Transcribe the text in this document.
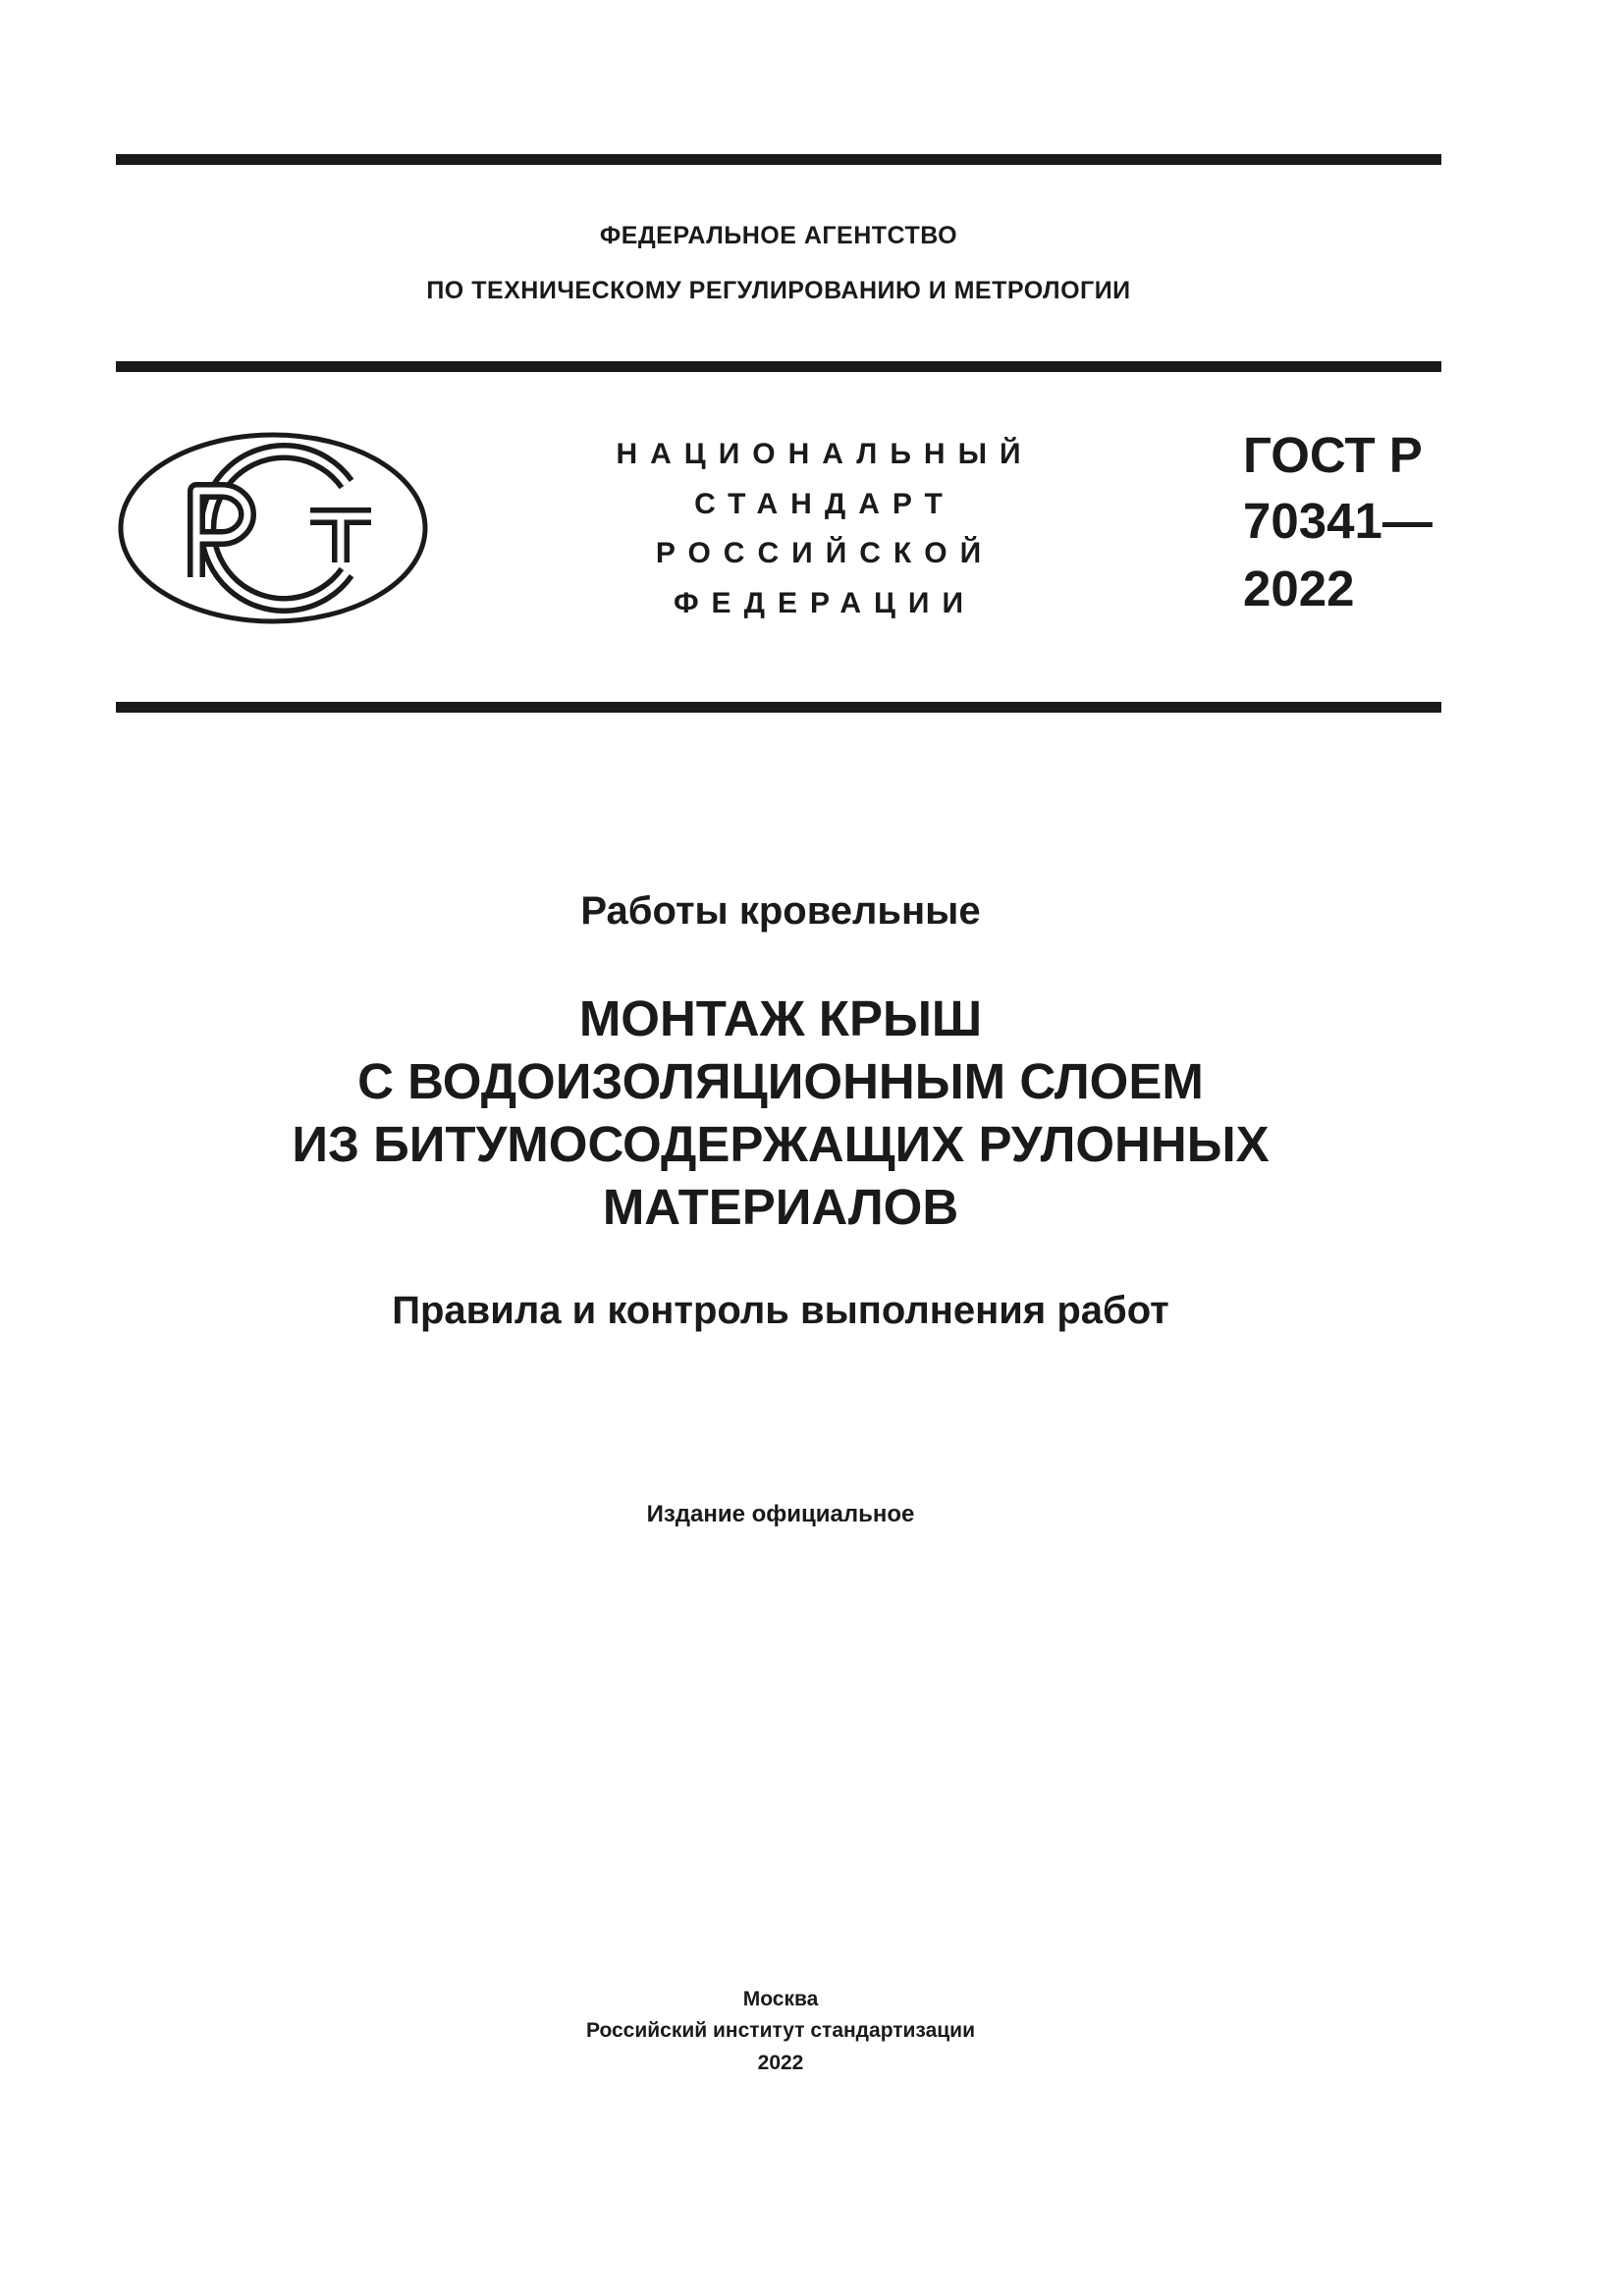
ФЕДЕРАЛЬНОЕ АГЕНТСТВО
ПО ТЕХНИЧЕСКОМУ РЕГУЛИРОВАНИЮ И МЕТРОЛОГИИ
НАЦИОНАЛЬНЫЙ
СТАНДАРТ
РОССИЙСКОЙ
ФЕДЕРАЦИИ
ГОСТ Р
70341—
2022
Работы кровельные
МОНТАЖ КРЫШ
С ВОДОИЗОЛЯЦИОННЫМ СЛОЕМ
ИЗ БИТУМОСОДЕРЖАЩИХ РУЛОННЫХ
МАТЕРИАЛОВ
Правила и контроль выполнения работ
Издание официальное
Москва
Российский институт стандартизации
2022
